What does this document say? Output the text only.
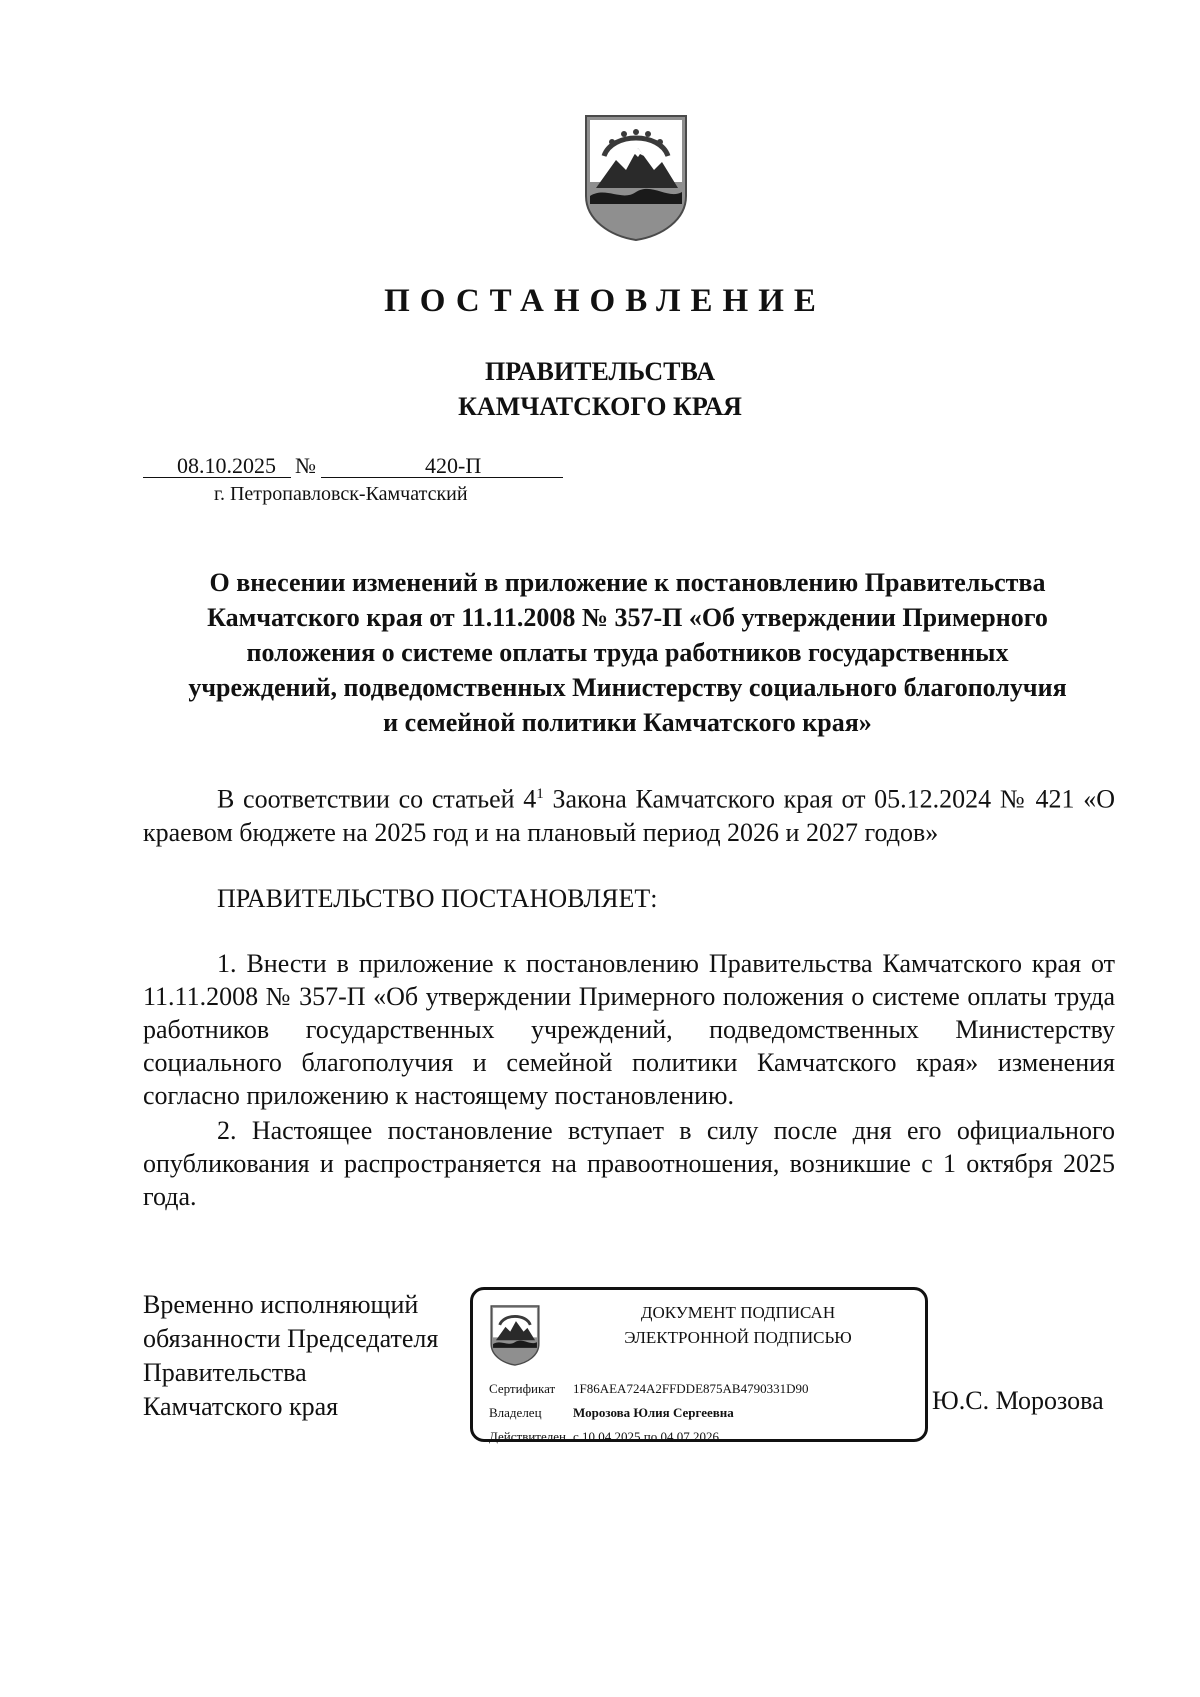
ПОСТАНОВЛЕНИЕ
ПРАВИТЕЛЬСТВА
КАМЧАТСКОГО КРАЯ
08.10.2025 №	420-П
г. Петропавловск-Камчатский
О внесении изменений в приложение к постановлению Правительства
Камчатского края от 11.11.2008 № 357-П «Об утверждении Примерного
положения о системе оплаты труда работников государственных
учреждений, подведомственных Министерству социального благополучия
и семейной политики Камчатского края»
В соответствии со статьей $4^1$ Закона Камчатского края от 05.12.2024 № 421 «О краевом бюджете на 2025 год и на плановый период 2026 и 2027 годов»
ПРАВИТЕЛЬСТВО ПОСТАНОВЛЯЕТ:
1. Внести в приложение к постановлению Правительства Камчатского края от 11.11.2008 № 357-П «Об утверждении Примерного положения о системе оплаты труда работников государственных учреждений, подведомственных Министерству социального благополучия и семейной политики Камчатского края» изменения согласно приложению к настоящему постановлению.
2. Настоящее постановление вступает в силу после дня его официального опубликования и распространяется на правоотношения, возникшие с 1 октября 2025 года.
Временно исполняющий
обязанности Председателя
Правительства
Камчатского края
ДОКУМЕНТ ПОДПИСАН
ЭЛЕКТРОННОЙ ПОДПИСЬЮ
Сертификат 1F86AEA724A2FFDDE875AB4790331D90
Владелец Морозова Юлия Сергеевна
Действителен с 10.04.2025 по 04.07.2026
Ю.С. Морозова
